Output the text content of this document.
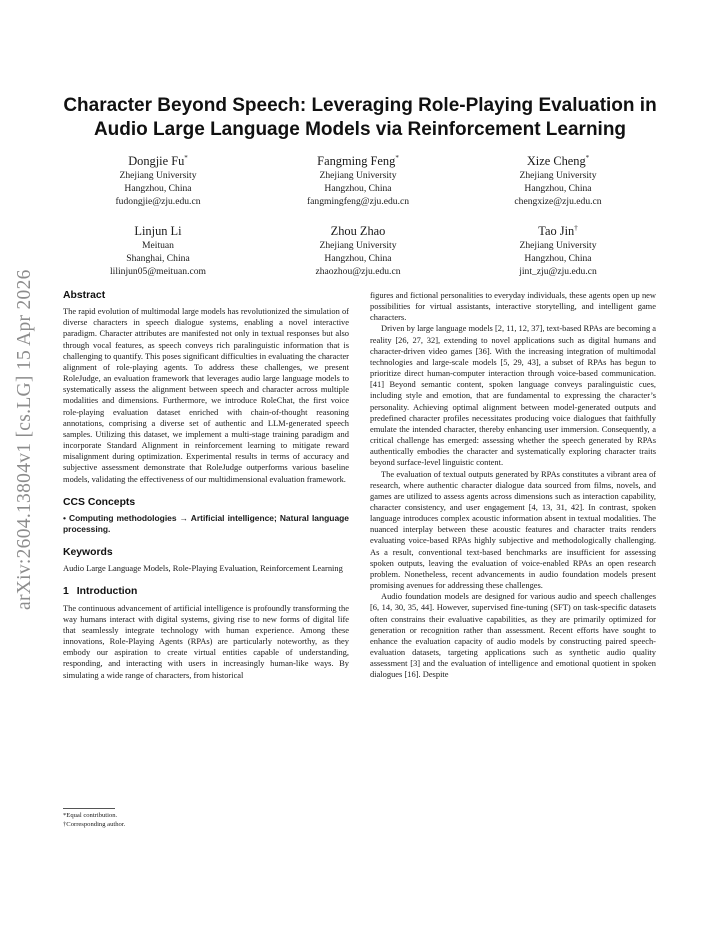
arXiv:2604.13804v1 [cs.LG] 15 Apr 2026
Character Beyond Speech: Leveraging Role-Playing Evaluation in
Audio Large Language Models via Reinforcement Learning
Dongjie Fu*
Zhejiang University
Hangzhou, China
fudongjie@zju.edu.cn
Fangming Feng*
Zhejiang University
Hangzhou, China
fangmingfeng@zju.edu.cn
Xize Cheng*
Zhejiang University
Hangzhou, China
chengxize@zju.edu.cn
Linjun Li
Meituan
Shanghai, China
lilinjun05@meituan.com
Zhou Zhao
Zhejiang University
Hangzhou, China
zhaozhou@zju.edu.cn
Tao Jin†
Zhejiang University
Hangzhou, China
jint_zju@zju.edu.cn
Abstract

The rapid evolution of multimodal large models has revolutionized the simulation of diverse characters in speech dialogue systems, enabling a novel interactive paradigm. Character attributes are manifested not only in textual responses but also through vocal features, as speech conveys rich paralinguistic information that is challenging to quantify. This poses significant difficulties in evaluating the character alignment of role-playing agents. To address these challenges, we present RoleJudge, an evaluation framework that leverages audio large language models to systematically assess the alignment between speech and character across multiple modalities and dimensions. Furthermore, we introduce RoleChat, the first voice role-playing evaluation dataset enriched with chain-of-thought reasoning annotations, comprising a diverse set of authentic and LLM-generated speech samples. Utilizing this dataset, we implement a multi-stage training paradigm and incorporate Standard Alignment in reinforcement learning to mitigate reward misalignment during optimization. Experimental results in terms of accuracy and subjective assessment demonstrate that RoleJudge outperforms various baseline models, validating the effectiveness of our multidimensional evaluation framework.

CCS Concepts

• Computing methodologies → Artificial intelligence; Natural language processing.

Keywords

Audio Large Language Models, Role-Playing Evaluation, Reinforcement Learning

1 Introduction

The continuous advancement of artificial intelligence is profoundly transforming the way humans interact with digital systems, giving rise to new forms of digital life that seamlessly integrate technology with human experience. Among these innovations, Role-Playing Agents (RPAs) are particularly noteworthy, as they embody our aspiration to create virtual entities capable of understanding, responding, and interacting with users in increasingly human-like ways. By simulating a wide range of characters, from historical

*Equal contribution.
†Corresponding author.

figures and fictional personalities to everyday individuals, these agents open up new possibilities for virtual assistants, interactive storytelling, and intelligent game characters.

Driven by large language models [2, 11, 12, 37], text-based RPAs are becoming a reality [26, 27, 32], extending to novel applications such as digital humans and character-driven video games [36]. With the increasing integration of multimodal technologies and large-scale models [5, 29, 43], a subset of RPAs has begun to prioritize direct human-computer interaction through voice-based communication. [41] Beyond semantic content, spoken language conveys paralinguistic cues, including style and emotion, that are fundamental to expressing the character’s personality. Achieving optimal alignment between model-generated outputs and predefined character profiles necessitates producing voice dialogues that faithfully emulate the intended character, thereby enhancing user immersion. Consequently, a critical challenge has emerged: assessing whether the speech generated by RPAs authentically embodies the character and systematically exploring character traits beyond surface-level linguistic content.

The evaluation of textual outputs generated by RPAs constitutes a vibrant area of research, where authentic character dialogue data sourced from films, novels, and games are utilized to assess agents across dimensions such as interaction capability, character consistency, and user engagement [4, 13, 31, 42]. In contrast, spoken language introduces complex acoustic information absent in textual modalities. The nuanced interplay between these acoustic features and character traits renders evaluating voice-based RPAs highly subjective and methodologically challenging. As a result, conventional text-based benchmarks are insufficient for assessing spoken outputs, leaving the evaluation of voice-enabled RPAs an open research problem. Nonetheless, recent advancements in audio foundation models present promising avenues for addressing these challenges.

Audio foundation models are designed for various audio and speech challenges [6, 14, 30, 35, 44]. However, supervised fine-tuning (SFT) on task-specific datasets often constrains their evaluative capabilities, as they are primarily optimized for generation or recognition rather than assessment. Recent efforts have sought to enhance the evaluation capacity of audio models by constructing paired speech-evaluation datasets, targeting applications such as synthetic audio quality assessment [3] and the evaluation of intelligence and emotional quotient in spoken dialogues [16]. Despite
